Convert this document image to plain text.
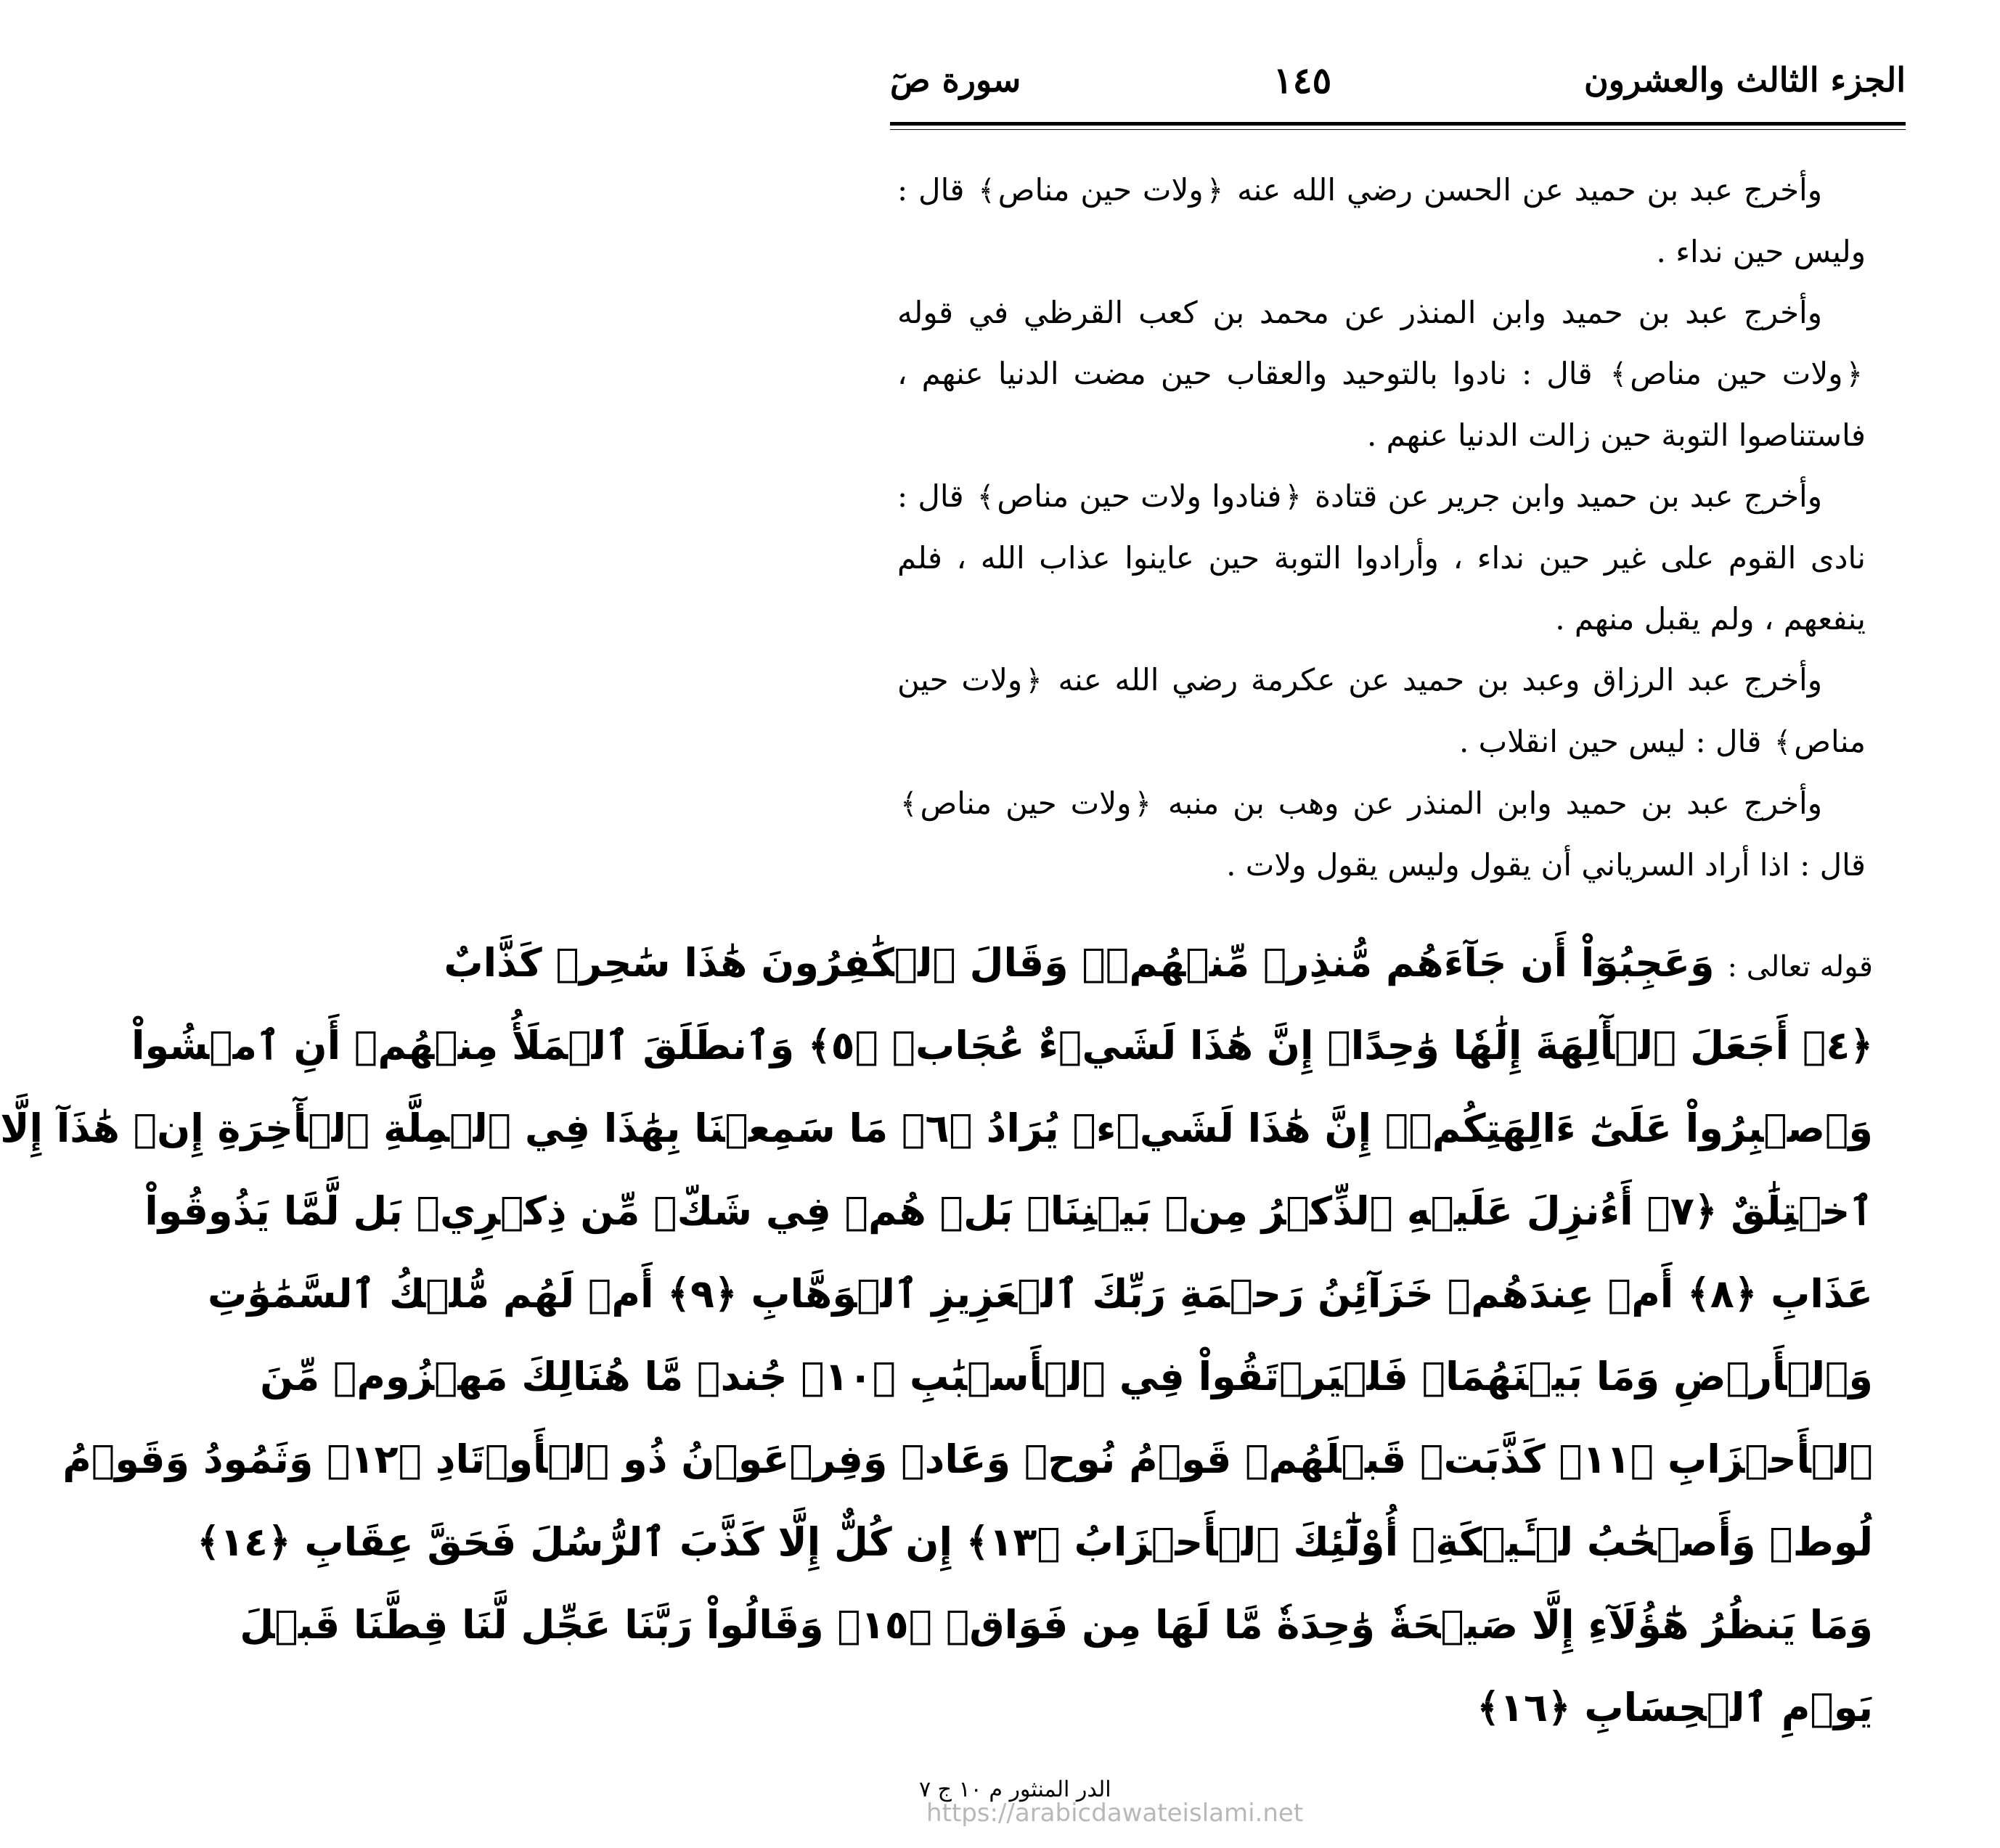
الجزء الثالث والعشرون
١٤٥
سورة صٓ

وأخرج عبد بن حميد عن الحسن رضي الله عنه ﴿ولات حين مناص﴾ قال : وليس حين نداء .

وأخرج عبد بن حميد وابن المنذر عن محمد بن كعب القرظي في قوله ﴿ولات حين مناص﴾ قال : نادوا بالتوحيد والعقاب حين مضت الدنيا عنهم ، فاستناصوا التوبة حين زالت الدنيا عنهم .

وأخرج عبد بن حميد وابن جرير عن قتادة ﴿فنادوا ولات حين مناص﴾ قال : نادى القوم على غير حين نداء ، وأرادوا التوبة حين عاينوا عذاب الله ، فلم ينفعهم ، ولم يقبل منهم .

وأخرج عبد الرزاق وعبد بن حميد عن عكرمة رضي الله عنه ﴿ولات حين مناص﴾ قال : ليس حين انقلاب .

وأخرج عبد بن حميد وابن المنذر عن وهب بن منبه ﴿ولات حين مناص﴾ قال : اذا أراد السرياني أن يقول وليس يقول ولات .

قوله تعالى :وَعَجِبُوٓاْ أَن جَآءَهُم مُّنذِرٞ مِّنۡهُمۡۖ وَقَالَ ٱلۡكَٰفِرُونَ هَٰذَا سَٰحِرٞ كَذَّابٌ
﴿٤﴾ أَجَعَلَ ٱلۡأٓلِهَةَ إِلَٰهٗا وَٰحِدًاۖ إِنَّ هَٰذَا لَشَيۡءٌ عُجَابٞ ﴿٥﴾ وَٱنطَلَقَ ٱلۡمَلَأُ مِنۡهُمۡ أَنِ ٱمۡشُواْ
وَٱصۡبِرُواْ عَلَىٰٓ ءَالِهَتِكُمۡۖ إِنَّ هَٰذَا لَشَيۡءٞ يُرَادُ ﴿٦﴾ مَا سَمِعۡنَا بِهَٰذَا فِي ٱلۡمِلَّةِ ٱلۡأٓخِرَةِ إِنۡ هَٰذَآ إِلَّا
ٱخۡتِلَٰقٌ ﴿٧﴾ أَءُنزِلَ عَلَيۡهِ ٱلذِّكۡرُ مِنۢ بَيۡنِنَاۚ بَلۡ هُمۡ فِي شَكّٖ مِّن ذِكۡرِيۚ بَل لَّمَّا يَذُوقُواْ
عَذَابِ ﴿٨﴾ أَمۡ عِندَهُمۡ خَزَآئِنُ رَحۡمَةِ رَبِّكَ ٱلۡعَزِيزِ ٱلۡوَهَّابِ ﴿٩﴾ أَمۡ لَهُم مُّلۡكُ ٱلسَّمَٰوَٰتِ
وَٱلۡأَرۡضِ وَمَا بَيۡنَهُمَاۖ فَلۡيَرۡتَقُواْ فِي ٱلۡأَسۡبَٰبِ ﴿١٠﴾ جُندٞ مَّا هُنَالِكَ مَهۡزُومٞ مِّنَ
ٱلۡأَحۡزَابِ ﴿١١﴾ كَذَّبَتۡ قَبۡلَهُمۡ قَوۡمُ نُوحٖ وَعَادٞ وَفِرۡعَوۡنُ ذُو ٱلۡأَوۡتَادِ ﴿١٢﴾ وَثَمُودُ وَقَوۡمُ
لُوطٖ وَأَصۡحَٰبُ لۡـَٔيۡكَةِۚ أُوْلَٰٓئِكَ ٱلۡأَحۡزَابُ ﴿١٣﴾ إِن كُلٌّ إِلَّا كَذَّبَ ٱلرُّسُلَ فَحَقَّ عِقَابِ ﴿١٤﴾
وَمَا يَنظُرُ هَٰٓؤُلَآءِ إِلَّا صَيۡحَةٗ وَٰحِدَةٗ مَّا لَهَا مِن فَوَاقٖ ﴿١٥﴾ وَقَالُواْ رَبَّنَا عَجِّل لَّنَا قِطَّنَا قَبۡلَ
يَوۡمِ ٱلۡحِسَابِ ﴿١٦﴾
الدر المنثور م ١٠ ج ٧
https://arabicdawateislami.net
